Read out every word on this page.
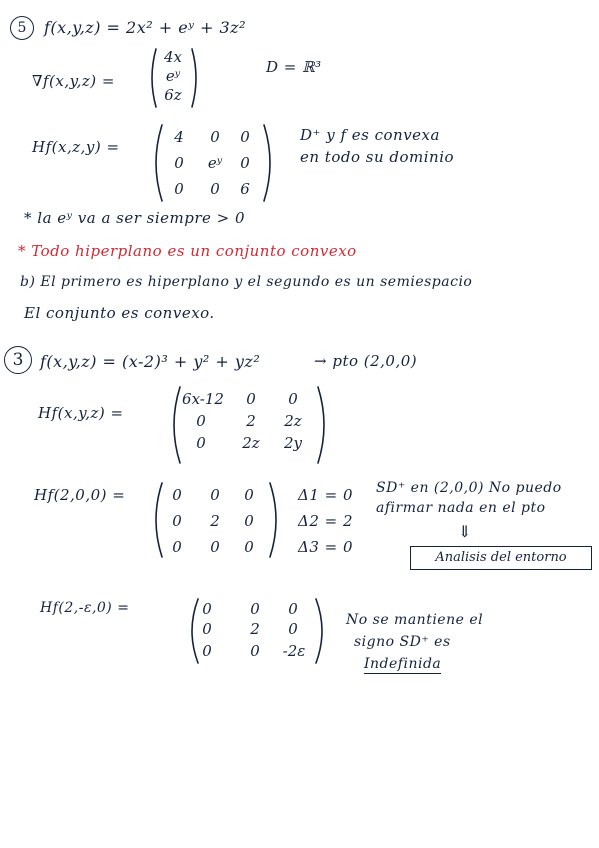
5	f(x,y,z) = 2x² + eʸ + 3z²
∇f(x,y,z) =
4x
eʸ
6z
D = ℝ³
Hf(x,z,y) =
4	0	0
0	eʸ	0
0	0	6
D⁺ y f es convexa
en todo su dominio
* la eʸ va a ser siempre > 0
* Todo hiperplano es un conjunto convexo
b) El primero es hiperplano y el segundo es un semiespacio
El conjunto es convexo.
3	f(x,y,z) = (x-2)³ + y² + yz²	→ pto (2,0,0)
Hf(x,y,z) =
6x-12	0	0
0	2	2z
0	2z	2y
Hf(2,0,0) =	0	0	0
0	2	0
0	0	0
Δ1 = 0
Δ2 = 2
Δ3 = 0
SD⁺ en (2,0,0) No puedo
afirmar nada en el pto
⇓
Analisis del entorno
Hf(2,-ε,0) =	0	0	0
0	2	0
0	0	-2ε
No se mantiene el
signo SD⁺ es
Indefinida
